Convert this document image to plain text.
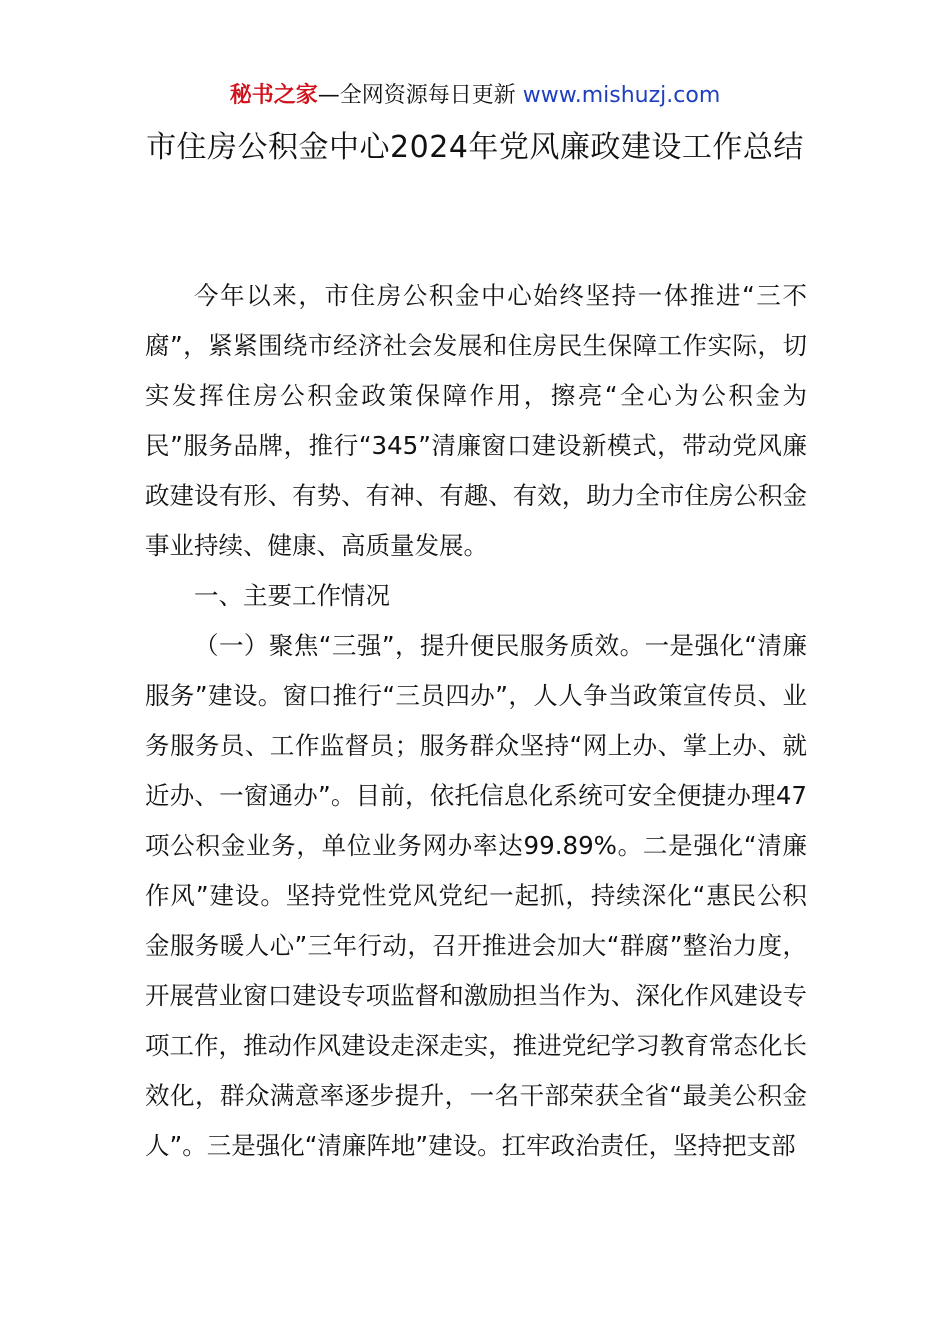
秘书之家—全网资源每日更新 www.mishuzj.com
市住房公积金中心2024年党风廉政建设工作总结

今年以来，市住房公积金中心始终坚持一体推进“三不腐”，紧紧围绕市经济社会发展和住房民生保障工作实际，切实发挥住房公积金政策保障作用，擦亮“全心为公积金为民”服务品牌，推行“345”清廉窗口建设新模式，带动党风廉政建设有形、有势、有神、有趣、有效，助力全市住房公积金事业持续、健康、高质量发展。

一、主要工作情况

（一）聚焦“三强”，提升便民服务质效。一是强化“清廉服务”建设。窗口推行“三员四办”，人人争当政策宣传员、业务服务员、工作监督员；服务群众坚持“网上办、掌上办、就近办、一窗通办”。目前，依托信息化系统可安全便捷办理47项公积金业务，单位业务网办率达99.89%。二是强化“清廉作风”建设。坚持党性党风党纪一起抓，持续深化“惠民公积金服务暖人心”三年行动，召开推进会加大“群腐”整治力度，开展营业窗口建设专项监督和激励担当作为、深化作风建设专项工作，推动作风建设走深走实，推进党纪学习教育常态化长效化，群众满意率逐步提升，一名干部荣获全省“最美公积金人”。三是强化“清廉阵地”建设。扛牢政治责任，坚持把支部
